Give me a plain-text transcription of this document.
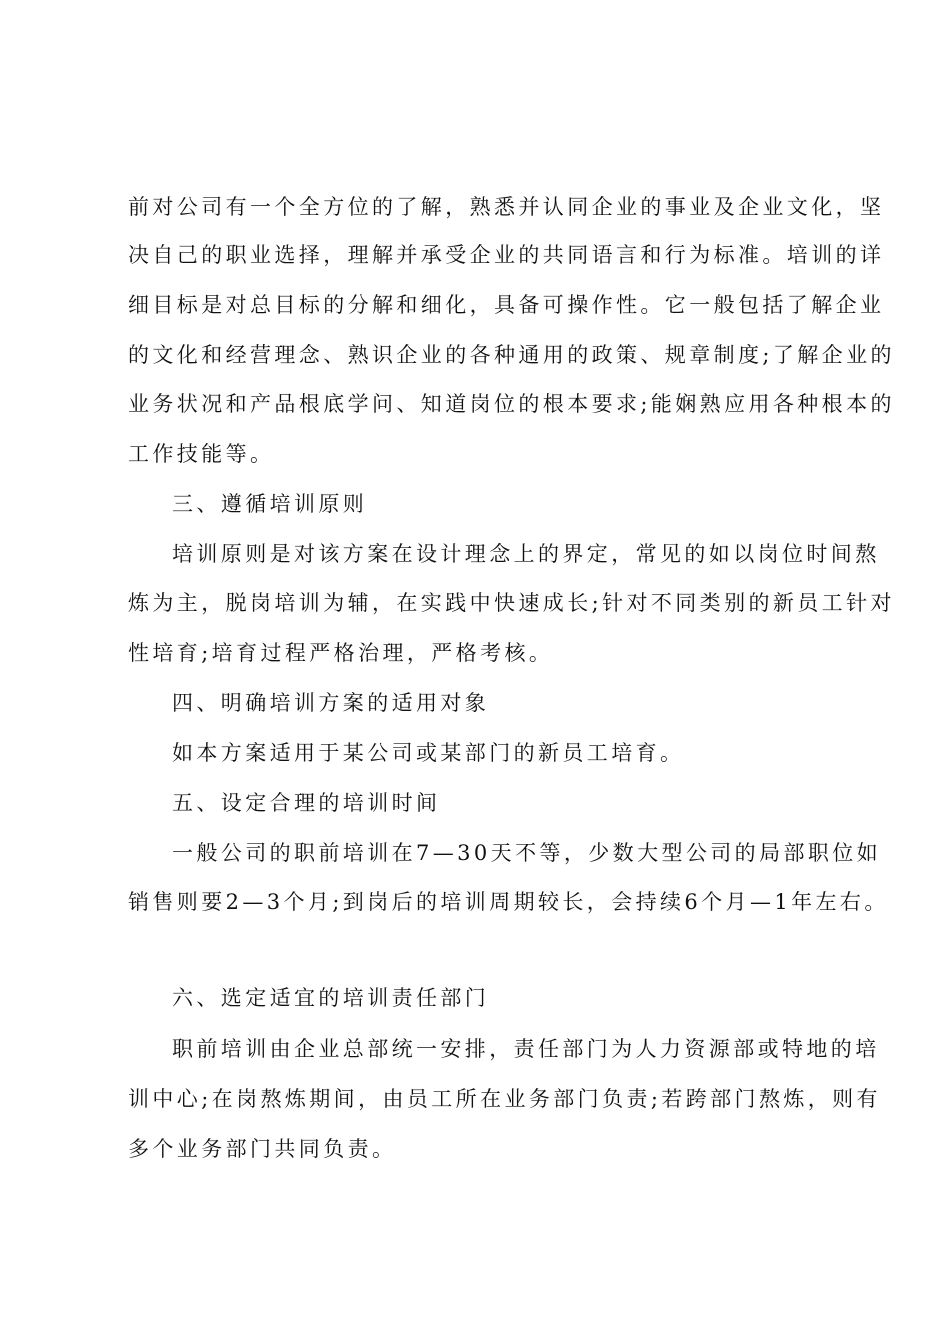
前对公司有一个全方位的了解，熟悉并认同企业的事业及企业文化，坚
决自己的职业选择，理解并承受企业的共同语言和行为标准。培训的详
细目标是对总目标的分解和细化，具备可操作性。它一般包括了解企业
的文化和经营理念、熟识企业的各种通用的政策、规章制度;了解企业的
业务状况和产品根底学问、知道岗位的根本要求;能娴熟应用各种根本的
工作技能等。
三、遵循培训原则
培训原则是对该方案在设计理念上的界定，常见的如以岗位时间熬
炼为主，脱岗培训为辅，在实践中快速成长;针对不同类别的新员工针对
性培育;培育过程严格治理，严格考核。
四、明确培训方案的适用对象
如本方案适用于某公司或某部门的新员工培育。
五、设定合理的培训时间
一般公司的职前培训在7—30天不等，少数大型公司的局部职位如
销售则要2—3个月;到岗后的培训周期较长，会持续6个月—1年左右。
六、选定适宜的培训责任部门
职前培训由企业总部统一安排，责任部门为人力资源部或特地的培
训中心;在岗熬炼期间，由员工所在业务部门负责;若跨部门熬炼，则有
多个业务部门共同负责。
